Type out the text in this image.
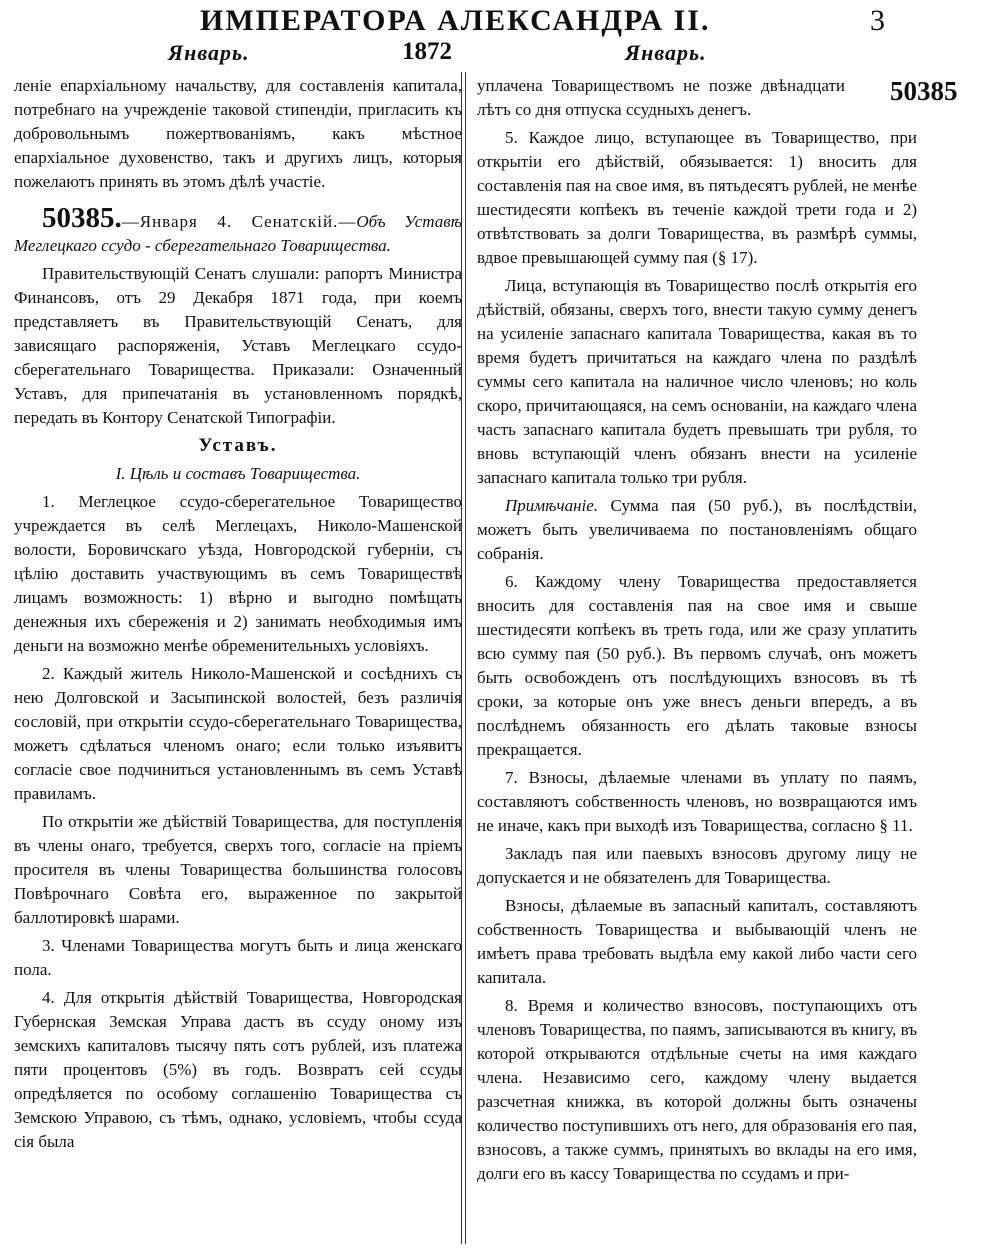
ИМПЕРАТОРА АЛЕКСАНДРА II.	3
Январь.	1872	Январь.

леніе епархіальному начальству, для составленія капитала, потребнаго на учрежденіе таковой стипендіи, пригласить къ добровольнымъ пожертвованіямъ, какъ мѣстное епархіальное духовенство, такъ и другихъ лицъ, которыя пожелаютъ принять въ этомъ дѣлѣ участіе.

50385.—Января 4. Сенатскій.—Объ Уставѣ Меглецкаго ссудо - сберегательнаго Товарищества.

Правительствующій Сенатъ слушали: рапортъ Министра Финансовъ, отъ 29 Декабря 1871 года, при коемъ представляетъ въ Правительствующій Сенатъ, для зависящаго распоряженія, Уставъ Меглецкаго ссудо-сберегательнаго Товарищества. Приказали: Означенный Уставъ, для припечатанія въ установленномъ порядкѣ, передать въ Контору Сенатской Типографіи.

Уставъ.

I. Цѣль и составъ Товарищества.

1. Меглецкое ссудо-сберегательное Товарищество учреждается въ селѣ Меглецахъ, Николо-Машенской волости, Боровичскаго уѣзда, Новгородской губерніи, съ цѣлію доставить участвующимъ въ семъ Товариществѣ лицамъ возможность: 1) вѣрно и выгодно помѣщать денежныя ихъ сбереженія и 2) занимать необходимыя имъ деньги на возможно менѣе обременительныхъ условіяхъ.

2. Каждый житель Николо-Машенской и сосѣднихъ съ нею Долговской и Засыпинской волостей, безъ различія сословій, при открытіи ссудо-сберегательнаго Товарищества, можетъ сдѣлаться членомъ онаго; если только изъявитъ согласіе свое подчиниться установленнымъ въ семъ Уставѣ правиламъ.

По открытіи же дѣйствій Товарищества, для поступленія въ члены онаго, требуется, сверхъ того, согласіе на пріемъ просителя въ члены Товарищества большинства голосовъ Повѣрочнаго Совѣта его, выраженное по закрытой баллотировкѣ шарами.

3. Членами Товарищества могутъ быть и лица женскаго пола.

4. Для открытія дѣйствій Товарищества, Новгородская Губернская Земская Управа дастъ въ ссуду оному изъ земскихъ капиталовъ тысячу пять сотъ рублей, изъ платежа пяти процентовъ (5%) въ годъ. Возвратъ сей ссуды опредѣляется по особому соглашенію Товарищества съ Земскою Управою, съ тѣмъ, однако, условіемъ, чтобы ссуда сія была

50385

уплачена Товариществомъ не позже двѣнадцати лѣтъ со дня отпуска ссудныхъ денегъ.

5. Каждое лицо, вступающее въ Товарищество, при открытіи его дѣйствій, обязывается: 1) вносить для составленія пая на свое имя, въ пятьдесятъ рублей, не менѣе шестидесяти копѣекъ въ теченіе каждой трети года и 2) отвѣтствовать за долги Товарищества, въ размѣрѣ суммы, вдвое превышающей сумму пая (§ 17).

Лица, вступающія въ Товарищество послѣ открытія его дѣйствій, обязаны, сверхъ того, внести такую сумму денегъ на усиленіе запаснаго капитала Товарищества, какая въ то время будетъ причитаться на каждаго члена по раздѣлѣ суммы сего капитала на наличное число членовъ; но коль скоро, причитающаяся, на семъ основаніи, на каждаго члена часть запаснаго капитала будетъ превышать три рубля, то вновь вступающій членъ обязанъ внести на усиленіе запаснаго капитала только три рубля.

Примѣчаніе. Сумма пая (50 руб.), въ послѣдствіи, можетъ быть увеличиваема по постановленіямъ общаго собранія.

6. Каждому члену Товарищества предоставляется вносить для составленія пая на свое имя и свыше шестидесяти копѣекъ въ треть года, или же сразу уплатить всю сумму пая (50 руб.). Въ первомъ случаѣ, онъ можетъ быть освобожденъ отъ послѣдующихъ взносовъ въ тѣ сроки, за которые онъ уже внесъ деньги впередъ, а въ послѣднемъ обязанность его дѣлать таковые взносы прекращается.

7. Взносы, дѣлаемые членами въ уплату по паямъ, составляютъ собственность членовъ, но возвращаются имъ не иначе, какъ при выходѣ изъ Товарищества, согласно § 11.

Закладъ пая или паевыхъ взносовъ другому лицу не допускается и не обязателенъ для Товарищества.

Взносы, дѣлаемые въ запасный капиталъ, составляютъ собственность Товарищества и выбывающій членъ не имѣетъ права требовать выдѣла ему какой либо части сего капитала.

8. Время и количество взносовъ, поступающихъ отъ членовъ Товарищества, по паямъ, записываются въ книгу, въ которой открываются отдѣльные счеты на имя каждаго члена. Независимо сего, каждому члену выдается разсчетная книжка, въ которой должны быть означены количество поступившихъ отъ него, для образованія его пая, взносовъ, а также суммъ, принятыхъ во вклады на его имя, долги его въ кассу Товарищества по ссудамъ и при-
